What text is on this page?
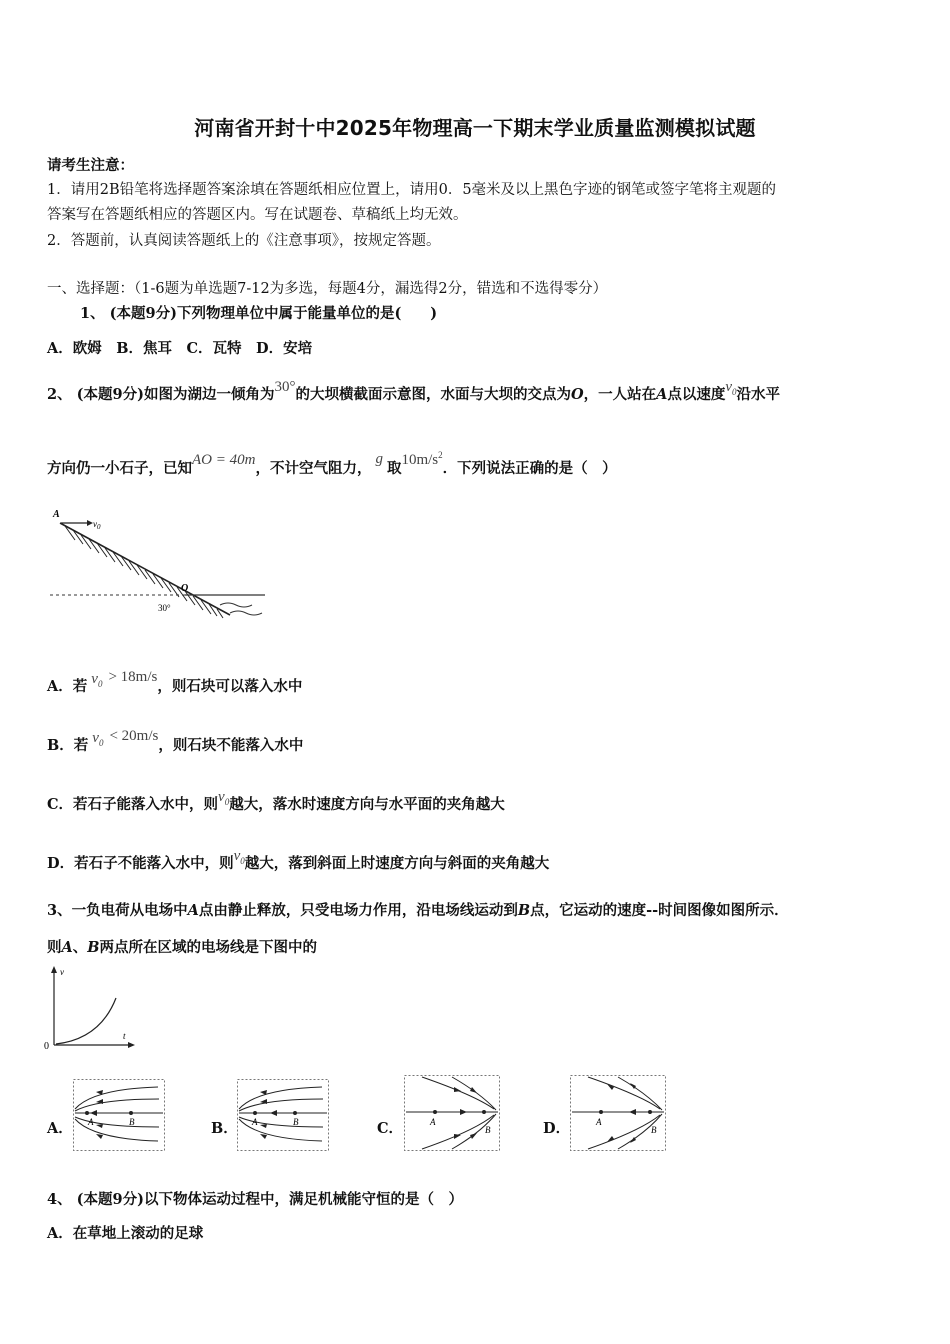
河南省开封十中2025年物理高一下期末学业质量监测模拟试题
请考生注意：
1．请用2B铅笔将选择题答案涂填在答题纸相应位置上，请用0．5毫米及以上黑色字迹的钢笔或签字笔将主观题的
答案写在答题纸相应的答题区内。写在试题卷、草稿纸上均无效。
2．答题前，认真阅读答题纸上的《注意事项》，按规定答题。
一、选择题：（1-6题为单选题7-12为多选，每题4分，漏选得2分，错选和不选得零分）
1、 (本题9分)下列物理单位中属于能量单位的是(　　)
A．欧姆　B．焦耳　C．瓦特　D．安培
2、 (本题9分)如图为湖边一倾角为30°的大坝横截面示意图，水面与大坝的交点为O，一人站在A点以速度$v_0$沿水平
方向仍一小石子，已知AO = 40m，不计空气阻力，g取$10m/s^2$．下列说法正确的是（　）
A
$v_0$
O
30°
A．若 $v_0 > 18m/s$，则石块可以落入水中
B．若 $v_0 < 20m/s$，则石块不能落入水中
C．若石子能落入水中，则$v_0$越大，落水时速度方向与水平面的夹角越大
D．若石子不能落入水中，则$v_0$越大，落到斜面上时速度方向与斜面的夹角越大
3、一负电荷从电场中A点由静止释放，只受电场力作用，沿电场线运动到B点，它运动的速度--时间图像如图所示．
则A、B两点所在区域的电场线是下图中的
v
t
0
A．	B．	C．	D．
A	B	A	B	A
B
A
B
4、 (本题9分)以下物体运动过程中，满足机械能守恒的是（　）
A．在草地上滚动的足球
